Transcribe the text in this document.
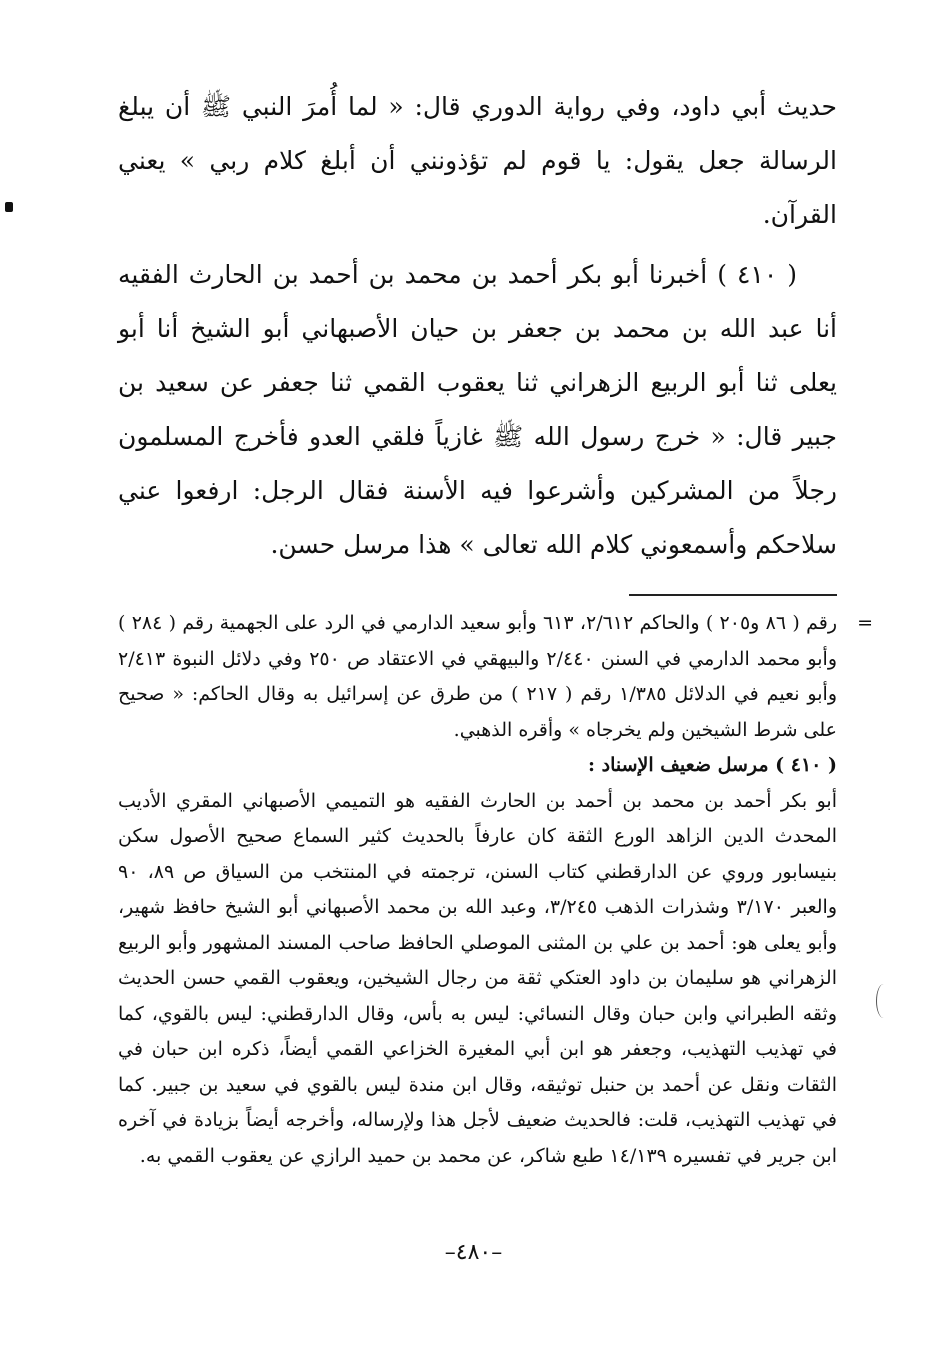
حديث أبي داود، وفي رواية الدوري قال: « لما أُمرَ النبي ﷺ أن يبلغ الرسالة جعل يقول: يا قوم لم تؤذونني أن أبلغ كلام ربي » يعني القرآن.

( ٤١٠ ) أخبرنا أبو بكر أحمد بن محمد بن أحمد بن الحارث الفقيه أنا عبد الله بن محمد بن جعفر بن حيان الأصبهاني أبو الشيخ أنا أبو يعلى ثنا أبو الربيع الزهراني ثنا يعقوب القمي ثنا جعفر عن سعيد بن جبير قال: « خرج رسول الله ﷺ غازياً فلقي العدو فأخرج المسلمون رجلاً من المشركين وأشرعوا فيه الأسنة فقال الرجل: ارفعوا عني سلاحكم وأسمعوني كلام الله تعالى » هذا مرسل حسن.

=
رقم ( ٨٦ و٢٠٥ ) والحاكم ٢/٦١٢، ٦١٣ وأبو سعيد الدارمي في الرد على الجهمية رقم ( ٢٨٤ ) وأبو محمد الدارمي في السنن ٢/٤٤٠ والبيهقي في الاعتقاد ص ٢٥٠ وفي دلائل النبوة ٢/٤١٣ وأبو نعيم في الدلائل ١/٣٨٥ رقم ( ٢١٧ ) من طرق عن إسرائيل به وقال الحاكم: « صحيح على شرط الشيخين ولم يخرجاه » وأقره الذهبي.

( ٤١٠ ) مرسل ضعيف الإسناد :

أبو بكر أحمد بن محمد بن أحمد بن الحارث الفقيه هو التميمي الأصبهاني المقري الأديب المحدث الدين الزاهد الورع الثقة كان عارفاً بالحديث كثير السماع صحيح الأصول سكن بنيسابور وروي عن الدارقطني كتاب السنن، ترجمته في المنتخب من السياق ص ٨٩، ٩٠ والعبر ٣/١٧٠ وشذرات الذهب ٣/٢٤٥، وعبد الله بن محمد الأصبهاني أبو الشيخ حافظ شهير، وأبو يعلى هو: أحمد بن علي بن المثنى الموصلي الحافظ صاحب المسند المشهور وأبو الربيع الزهراني هو سليمان بن داود العتكي ثقة من رجال الشيخين، ويعقوب القمي حسن الحديث وثقه الطبراني وابن حبان وقال النسائي: ليس به بأس، وقال الدارقطني: ليس بالقوي، كما في تهذيب التهذيب، وجعفر هو ابن أبي المغيرة الخزاعي القمي أيضاً، ذكره ابن حبان في الثقات ونقل عن أحمد بن حنبل توثيقه، وقال ابن مندة ليس بالقوي في سعيد بن جبير. كما في تهذيب التهذيب، قلت: فالحديث ضعيف لأجل هذا ولإرساله، وأخرجه أيضاً بزيادة في آخره ابن جرير في تفسيره ١٤/١٣٩ طبع شاكر، عن محمد بن حميد الرازي عن يعقوب القمي به.

–٤٨٠–
